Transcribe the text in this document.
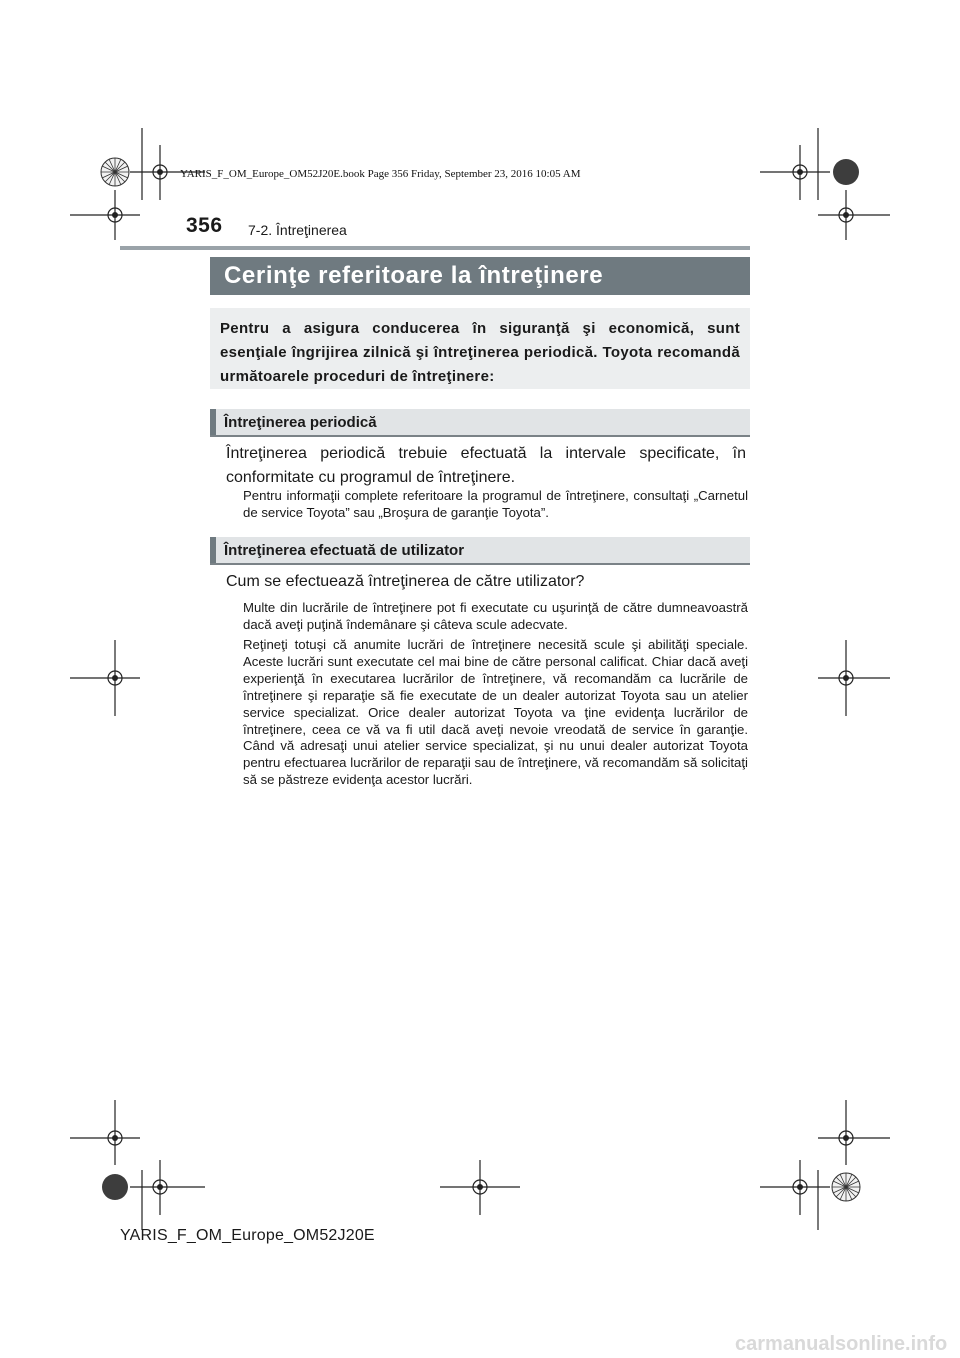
YARIS_F_OM_Europe_OM52J20E.book Page 356 Friday, September 23, 2016 10:05 AM
356 7-2. Întreţinerea
Cerinţe referitoare la întreţinere
Pentru a asigura conducerea în siguranţă şi economică, sunt esenţiale îngrijirea zilnică şi întreţinerea periodică. Toyota recomandă următoarele proceduri de întreţinere:
Întreţinerea periodică
Întreţinerea periodică trebuie efectuată la intervale specificate, în conformitate cu programul de întreţinere.
Pentru informaţii complete referitoare la programul de întreţinere, consultaţi „Carnetul de service Toyota” sau „Broşura de garanţie Toyota”.
Întreţinerea efectuată de utilizator
Cum se efectuează întreţinerea de către utilizator?
Multe din lucrările de întreţinere pot fi executate cu uşurinţă de către dumneavoastră dacă aveţi puţină îndemânare şi câteva scule adecvate.
Reţineţi totuşi că anumite lucrări de întreţinere necesită scule şi abilităţi speciale. Aceste lucrări sunt executate cel mai bine de către personal calificat. Chiar dacă aveţi experienţă în executarea lucrărilor de întreţinere, vă recomandăm ca lucrările de întreţinere şi reparaţie să fie executate de un dealer autorizat Toyota sau un atelier service specializat. Orice dealer autorizat Toyota va ţine evidenţa lucrărilor de întreţinere, ceea ce vă va fi util dacă aveţi nevoie vreodată de service în garanţie. Când vă adresaţi unui atelier service specializat, şi nu unui dealer autorizat Toyota pentru efectuarea lucrărilor de reparaţii sau de întreţinere, vă recomandăm să solicitaţi să se păstreze evidenţa acestor lucrări.
YARIS_F_OM_Europe_OM52J20E
carmanualsonline.info
